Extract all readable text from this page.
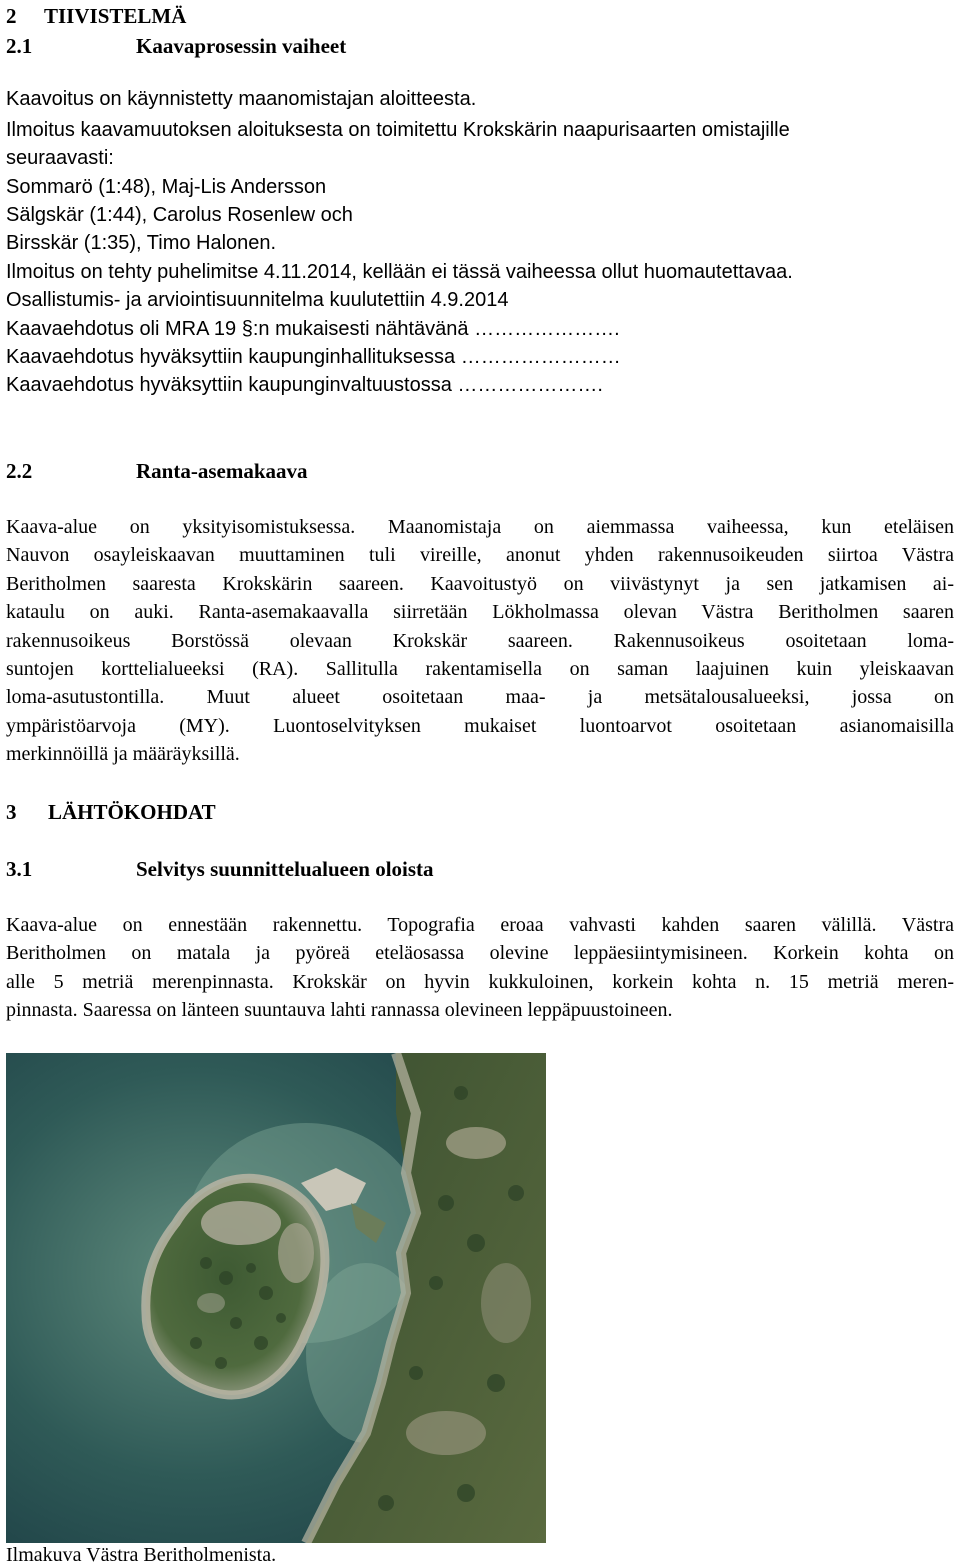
2 TIIVISTELMÄ
2.1	Kaavaprosessin vaiheet
Kaavoitus on käynnistetty maanomistajan aloitteesta.
Ilmoitus kaavamuutoksen aloituksesta on toimitettu Krokskärin naapurisaarten omistajille
seuraavasti:
Sommarö (1:48), Maj-Lis Andersson
Sälgskär (1:44), Carolus Rosenlew och
Birsskär (1:35), Timo Halonen.
Ilmoitus on tehty puhelimitse 4.11.2014, kellään ei tässä vaiheessa ollut huomautettavaa.
Osallistumis- ja arviointisuunnitelma kuulutettiin 4.9.2014
Kaavaehdotus oli MRA 19 §:n mukaisesti nähtävänä ………………….
Kaavaehdotus hyväksyttiin kaupunginhallituksessa ……………………
Kaavaehdotus hyväksyttiin kaupunginvaltuustossa ………………….
2.2	Ranta-asemakaava
Kaava-alue on yksityisomistuksessa. Maanomistaja on aiemmassa vaiheessa, kun eteläisen
Nauvon osayleiskaavan muuttaminen tuli vireille, anonut yhden rakennusoikeuden siirtoa Västra
Beritholmen saaresta Krokskärin saareen. Kaavoitustyö on viivästynyt ja sen jatkamisen ai-
kataulu on auki. Ranta-asemakaavalla siirretään Lökholmassa olevan Västra Beritholmen saaren
rakennusoikeus Borstössä olevaan Krokskär saareen. Rakennusoikeus osoitetaan loma-
suntojen korttelialueeksi (RA). Sallitulla rakentamisella on saman laajuinen kuin yleiskaavan
loma-asutustontilla. Muut alueet osoitetaan maa- ja metsätalousalueeksi, jossa on
ympäristöarvoja (MY). Luontoselvityksen mukaiset luontoarvot osoitetaan asianomaisilla
merkinnöillä ja määräyksillä.
3 LÄHTÖKOHDAT
3.1	Selvitys suunnittelualueen oloista
Kaava-alue on ennestään rakennettu. Topografia eroaa vahvasti kahden saaren välillä. Västra
Beritholmen on matala ja pyöreä eteläosassa olevine leppäesiintymisineen. Korkein kohta on
alle 5 metriä merenpinnasta. Krokskär on hyvin kukkuloinen, korkein kohta n. 15 metriä meren-
pinnasta. Saaressa on länteen suuntauva lahti rannassa olevineen leppäpuustoineen.
Ilmakuva Västra Beritholmenista.
